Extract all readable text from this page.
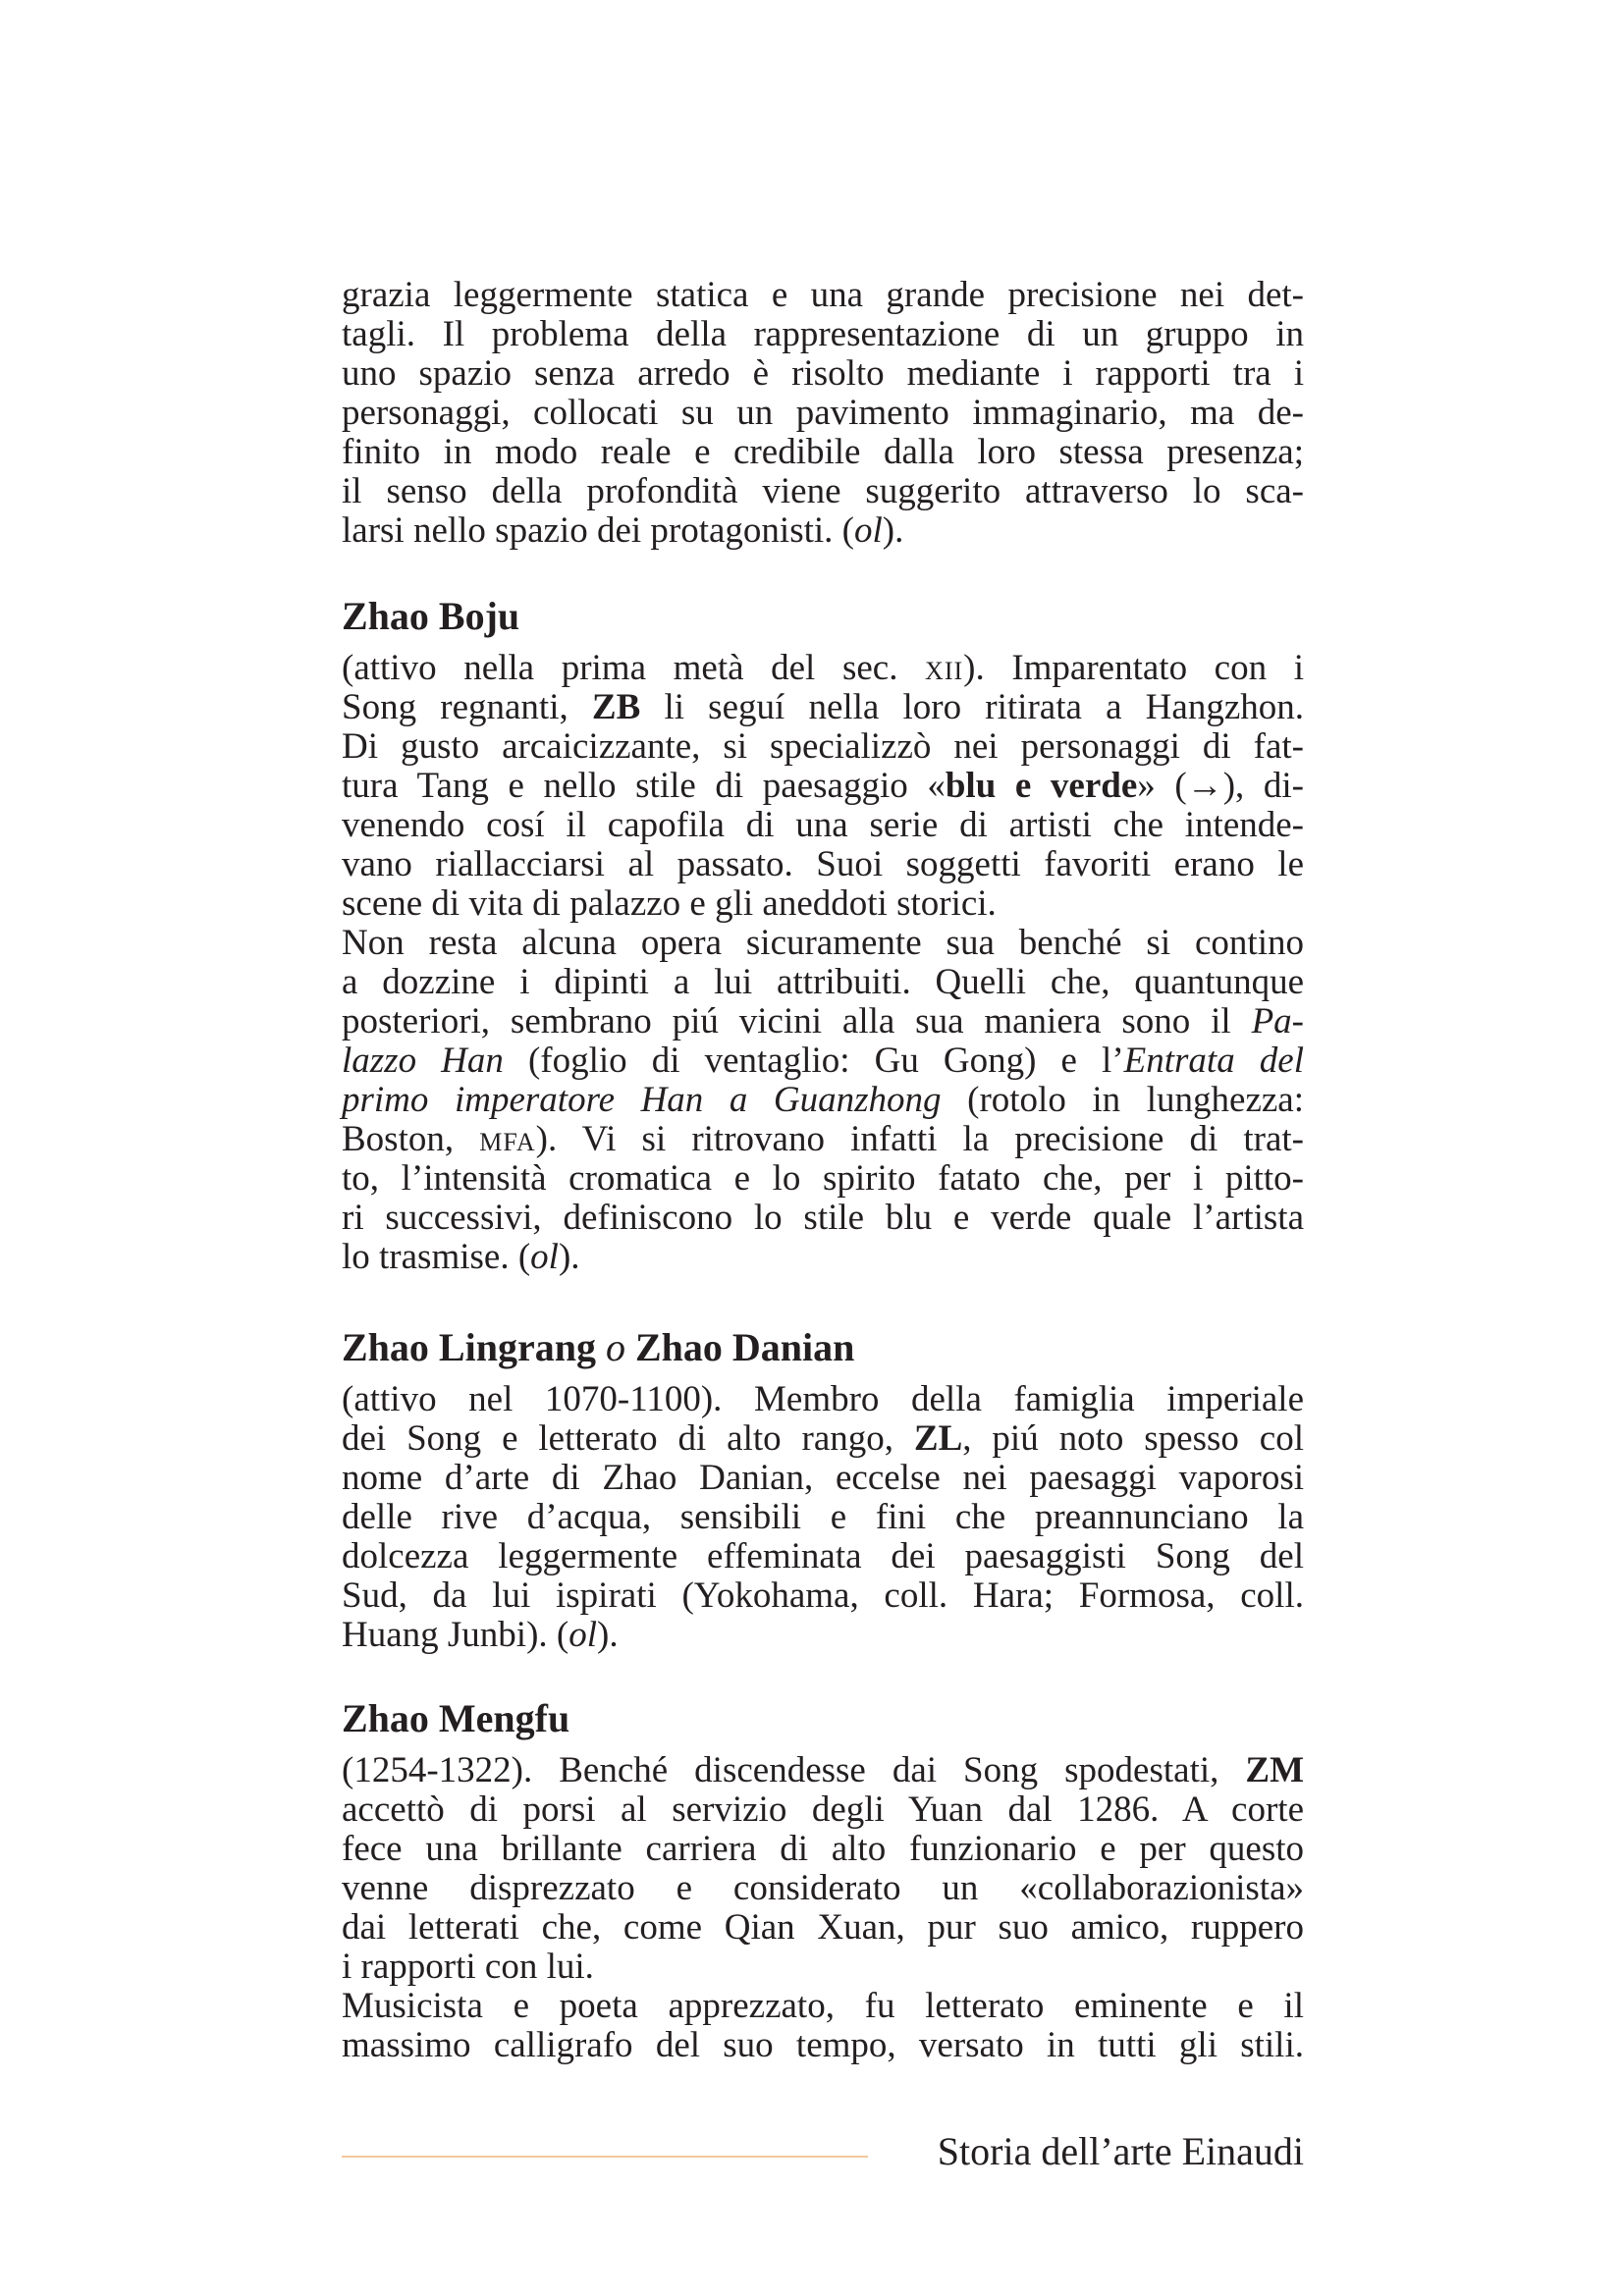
grazia leggermente statica e una grande precisione nei det-
tagli. Il problema della rappresentazione di un gruppo in
uno spazio senza arredo è risolto mediante i rapporti tra i
personaggi, collocati su un pavimento immaginario, ma de-
finito in modo reale e credibile dalla loro stessa presenza;
il senso della profondità viene suggerito attraverso lo sca-
larsi nello spazio dei protagonisti. (ol).
Zhao Boju
(attivo nella prima metà del sec. xii). Imparentato con i
Song regnanti, ZB li seguí nella loro ritirata a Hangzhon.
Di gusto arcaicizzante, si specializzò nei personaggi di fat-
tura Tang e nello stile di paesaggio «blu e verde» (→), di-
venendo cosí il capofila di una serie di artisti che intende-
vano riallacciarsi al passato. Suoi soggetti favoriti erano le
scene di vita di palazzo e gli aneddoti storici.
Non resta alcuna opera sicuramente sua benché si contino
a dozzine i dipinti a lui attribuiti. Quelli che, quantunque
posteriori, sembrano piú vicini alla sua maniera sono il Pa-
lazzo Han (foglio di ventaglio: Gu Gong) e l’Entrata del
primo imperatore Han a Guanzhong (rotolo in lunghezza:
Boston, mfa). Vi si ritrovano infatti la precisione di trat-
to, l’intensità cromatica e lo spirito fatato che, per i pitto-
ri successivi, definiscono lo stile blu e verde quale l’artista
lo trasmise. (ol).
Zhao Lingrang o Zhao Danian
(attivo nel 1070-1100). Membro della famiglia imperiale
dei Song e letterato di alto rango, ZL, piú noto spesso col
nome d’arte di Zhao Danian, eccelse nei paesaggi vaporosi
delle rive d’acqua, sensibili e fini che preannunciano la
dolcezza leggermente effeminata dei paesaggisti Song del
Sud, da lui ispirati (Yokohama, coll. Hara; Formosa, coll.
Huang Junbi). (ol).
Zhao Mengfu
(1254-1322). Benché discendesse dai Song spodestati, ZM
accettò di porsi al servizio degli Yuan dal 1286. A corte
fece una brillante carriera di alto funzionario e per questo
venne disprezzato e considerato un «collaborazionista»
dai letterati che, come Qian Xuan, pur suo amico, ruppero
i rapporti con lui.
Musicista e poeta apprezzato, fu letterato eminente e il
massimo calligrafo del suo tempo, versato in tutti gli stili.
Storia dell’arte Einaudi
